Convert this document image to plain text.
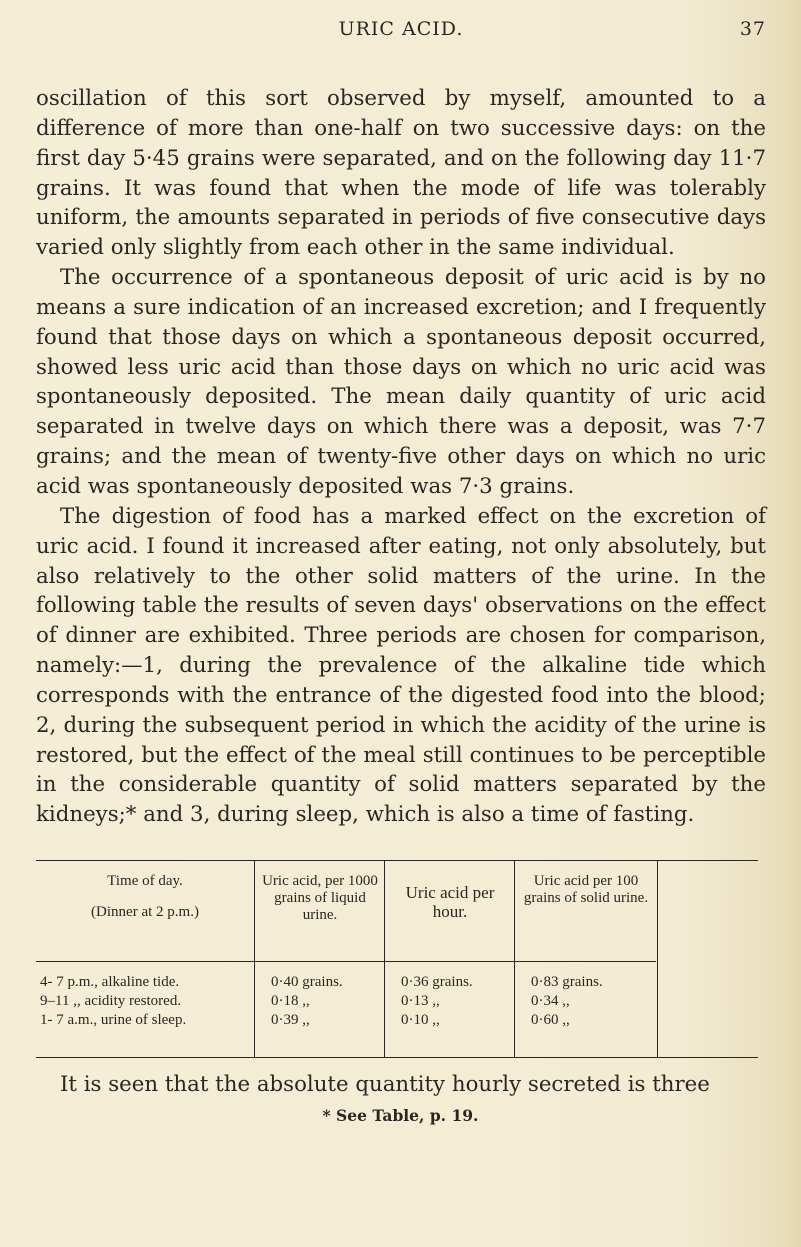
URIC ACID.	37

oscillation of this sort observed by myself, amounted to a difference of more than one-half on two successive days: on the first day 5·45 grains were separated, and on the following day 11·7 grains. It was found that when the mode of life was tolerably uniform, the amounts separated in periods of five consecutive days varied only slightly from each other in the same individual.

The occurrence of a spontaneous deposit of uric acid is by no means a sure indication of an increased excretion; and I frequently found that those days on which a spontaneous deposit occurred, showed less uric acid than those days on which no uric acid was spontaneously deposited. The mean daily quantity of uric acid separated in twelve days on which there was a deposit, was 7·7 grains; and the mean of twenty-five other days on which no uric acid was spontaneously deposited was 7·3 grains.

The digestion of food has a marked effect on the excretion of uric acid. I found it increased after eating, not only absolutely, but also relatively to the other solid matters of the urine. In the following table the results of seven days' observations on the effect of dinner are exhibited. Three periods are chosen for comparison, namely:—1, during the prevalence of the alkaline tide which corresponds with the entrance of the digested food into the blood; 2, during the subsequent period in which the acidity of the urine is restored, but the effect of the meal still continues to be perceptible in the considerable quantity of solid matters separated by the kidneys;* and 3, during sleep, which is also a time of fasting.

Time of day.
(Dinner at 2 p.m.)
4- 7 p.m., alkaline tide.
9–11 ,, acidity restored.
1- 7 a.m., urine of sleep.
Uric acid, per 1000 grains of liquid urine.
0·40 grains.
0·18 ,,
0·39 ,,
Uric acid per hour.
0·36 grains.
0·13 ,,
0·10 ,,
Uric acid per 100 grains of solid urine.
0·83 grains.
0·34 ,,
0·60 ,,
It is seen that the absolute quantity hourly secreted is three
* See Table, p. 19.
